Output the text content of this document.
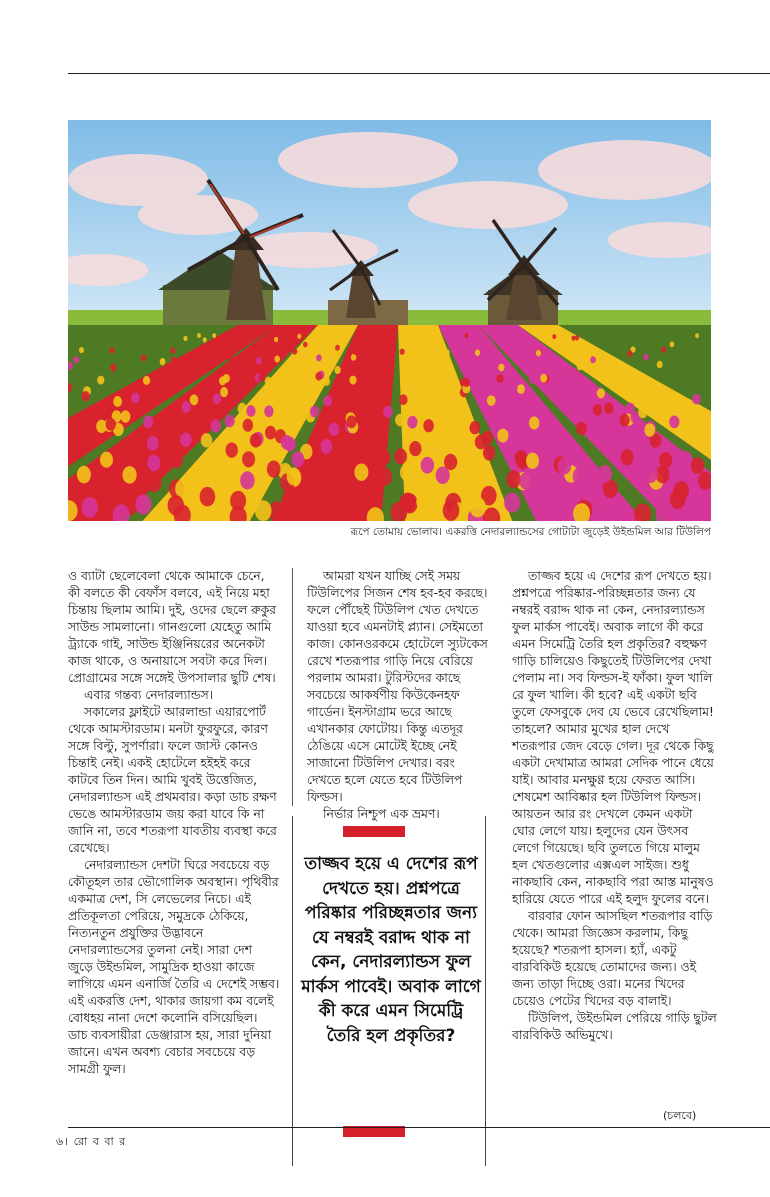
রূপে তোমায় ভোলাব। একরত্তি নেদারল্যান্ডসের গোটাটা জুড়েই উইন্ডমিল আর টিউলিপ

ও ব্যাটা ছেলেবেলা থেকে আমাকে চেনে, কী বলতে কী বেফাঁস বলবে, এই নিয়ে মহা চিন্তায় ছিলাম আমি। দুই, ওদের ছেলে রুকুর সাউন্ড সামলানো। গানগুলো যেহেতু আমি ট্র্যাকে গাই, সাউন্ড ইঞ্জিনিয়রের অনেকটা কাজ থাকে, ও অনায়াসে সবটা করে দিল। প্রোগ্রামের সঙ্গে সঙ্গেই উপসালার ছুটি শেষ।

এবার গন্তব্য নেদারল্যান্ডস।

সকালের ফ্লাইটে আরলান্ডা এয়ারপোর্ট থেকে আমস্টারডাম। মনটা ফুরফুরে, কারণ সঙ্গে বিল্টু, সুপর্ণারা। ফলে জাস্ট কোনও চিন্তাই নেই। একই হোটেলে হইহই করে কাটবে তিন দিন। আমি খুবই উত্তেজিত, নেদারল্যান্ডস এই প্রথমবার। কড়া ডাচ রক্ষণ ভেঙে আমস্টারডাম জয় করা যাবে কি না জানি না, তবে শতরূপা যাবতীয় ব্যবস্থা করে রেখেছে।

নেদারল্যান্ডস দেশটা ঘিরে সবচেয়ে বড় কৌতূহল তার ভৌগোলিক অবস্থান। পৃথিবীর একমাত্র দেশ, সি লেভেলের নিচে। এই প্রতিকূলতা পেরিয়ে, সমুদ্রকে ঠেকিয়ে, নিত্যনতুন প্রযুক্তির উদ্ভাবনে নেদারল্যান্ডসের তুলনা নেই। সারা দেশ জুড়ে উইন্ডমিল, সামুদ্রিক হাওয়া কাজে লাগিয়ে এমন এনার্জি তৈরি এ দেশেই সম্ভব। এই একরত্তি দেশ, থাকার জায়গা কম বলেই বোধহয় নানা দেশে কলোনি বসিয়েছিল। ডাচ ব্যবসায়ীরা ডেঞ্জারাস হয়, সারা দুনিয়া জানে। এখন অবশ্য বেচার সবচেয়ে বড় সামগ্রী ফুল।

আমরা যখন যাচ্ছি সেই সময় টিউলিপের সিজন শেষ হব-হব করছে। ফলে পৌঁছেই টিউলিপ খেত দেখতে যাওয়া হবে এমনটাই প্ল্যান। সেইমতো কাজ। কোনওরকমে হোটেলে স্যুটকেস রেখে শতরূপার গাড়ি নিয়ে বেরিয়ে পরলাম আমরা। টুরিস্টদের কাছে সবচেয়ে আকর্ষণীয় কিউকেনহফ গার্ডেন। ইনস্টাগ্রাম ভরে আছে এখানকার ফোটোয়। কিন্তু এতদূর ঠেঙিয়ে এসে মোটেই ইচ্ছে নেই সাজানো টিউলিপ দেখার। বরং দেখতে হলে যেতে হবে টিউলিপ ফিল্ডস।

নির্ভার নিশ্চুপ এক ভ্রমণ।

তাজ্জব হয়ে এ দেশের রূপ দেখতে হয়। প্রশ্নপত্রে পরিষ্কার পরিচ্ছন্নতার জন্য যে নম্বরই বরাদ্দ থাক না কেন, নেদারল্যান্ডস ফুল মার্কস পাবেই। অবাক লাগে কী করে এমন সিমেট্রি তৈরি হল প্রকৃতির?

তাজ্জব হয়ে এ দেশের রূপ দেখতে হয়। প্রশ্নপত্রে পরিষ্কার-পরিচ্ছন্নতার জন্য যে নম্বরই বরাদ্দ থাক না কেন, নেদারল্যান্ডস ফুল মার্কস পাবেই। অবাক লাগে কী করে এমন সিমেট্রি তৈরি হল প্রকৃতির? বহুক্ষণ গাড়ি চালিয়েও কিছুতেই টিউলিপের দেখা পেলাম না। সব ফিল্ডস-ই ফাঁকা। ফুল খালি রে ফুল খালি। কী হবে? এই একটা ছবি তুলে ফেসবুকে দেব যে ভেবে রেখেছিলাম! তাহলে? আমার মুখের হাল দেখে শতরূপার জেদ বেড়ে গেল। দূর থেকে কিছু একটা দেখামাত্র আমরা সেদিক পানে ধেয়ে যাই। আবার মনক্ষুণ্ণ হয়ে ফেরত আসি। শেষমেশ আবিষ্কার হল টিউলিপ ফিল্ডস। আয়তন আর রং দেখলে কেমন একটা ঘোর লেগে যায়। হলুদের যেন উৎসব লেগে গিয়েছে। ছবি তুলতে গিয়ে মালুম হল খেতগুলোর এক্সএল সাইজ। শুধু নাকছাবি কেন, নাকছাবি পরা আস্ত মানুষও হারিয়ে যেতে পারে এই হলুদ ফুলের বনে।

বারবার ফোন আসছিল শতরূপার বাড়ি থেকে। আমরা জিজ্ঞেস করলাম, কিছু হয়েছে? শতরূপা হাসল। হ্যাঁ, একটু বারবিকিউ হয়েছে তোমাদের জন্য। ওই জন্য তাড়া দিচ্ছে ওরা। মনের খিদের চেয়েও পেটের খিদের বড় বালাই।

টিউলিপ, উইন্ডমিল পেরিয়ে গাড়ি ছুটল বারবিকিউ অভিমুখে।

(চলবে)
৬। রো ব বা র
